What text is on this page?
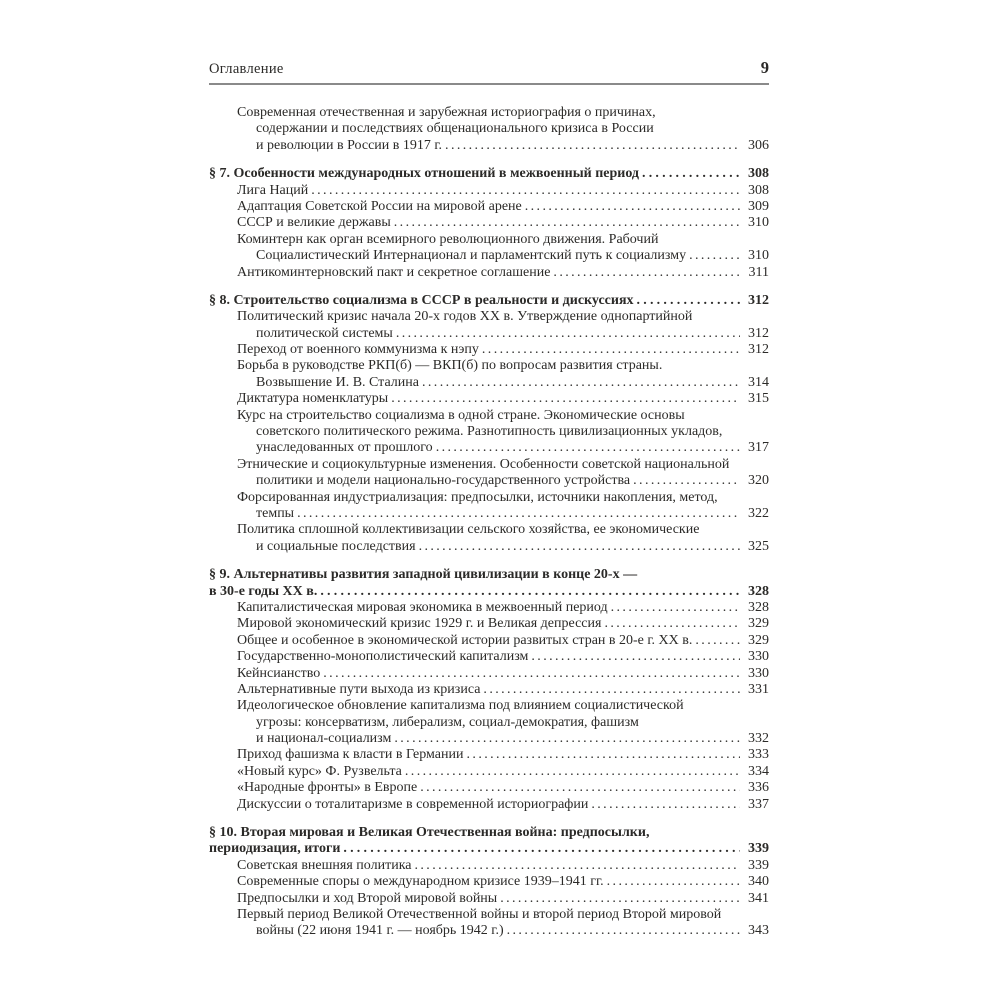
Оглавление	9
Современная отечественная и зарубежная историография о причинах,
содержании и последствиях общенационального кризиса в России
и революции в России в 1917 г. .....	306
§ 7. Особенности международных отношений в межвоенный период .....	308
Лига Наций .....	308
Адаптация Советской России на мировой арене .....	309
СССР и великие державы .....	310
Коминтерн как орган всемирного революционного движения. Рабочий
Социалистический Интернационал и парламентский путь к социализму .....	310
Антикоминтерновский пакт и секретное соглашение .....	311
§ 8. Строительство социализма в СССР в реальности и дискуссиях .....	312
Политический кризис начала 20-х годов XX в. Утверждение однопартийной
политической системы .....	312
Переход от военного коммунизма к нэпу .....	312
Борьба в руководстве РКП(б) — ВКП(б) по вопросам развития страны.
Возвышение И. В. Сталина .....	314
Диктатура номенклатуры .....	315
Курс на строительство социализма в одной стране. Экономические основы
советского политического режима. Разнотипность цивилизационных укладов,
унаследованных от прошлого .....	317
Этнические и социокультурные изменения. Особенности советской национальной
политики и модели национально-государственного устройства .....	320
Форсированная индустриализация: предпосылки, источники накопления, метод,
темпы .....	322
Политика сплошной коллективизации сельского хозяйства, ее экономические
и социальные последствия .....	325
§ 9. Альтернативы развития западной цивилизации в конце 20-х —
в 30-е годы XX в. .....	328
Капиталистическая мировая экономика в межвоенный период .....	328
Мировой экономический кризис 1929 г. и Великая депрессия .....	329
Общее и особенное в экономической истории развитых стран в 20-е г. XX в. .....	329
Государственно-монополистический капитализм .....	330
Кейнсианство .....	330
Альтернативные пути выхода из кризиса .....	331
Идеологическое обновление капитализма под влиянием социалистической
угрозы: консерватизм, либерализм, социал-демократия, фашизм
и национал-социализм .....	332
Приход фашизма к власти в Германии .....	333
«Новый курс» Ф. Рузвельта .....	334
«Народные фронты» в Европе .....	336
Дискуссии о тоталитаризме в современной историографии .....	337
§ 10. Вторая мировая и Великая Отечественная война: предпосылки,
периодизация, итоги .....	339
Советская внешняя политика .....	339
Современные споры о международном кризисе 1939–1941 гг. .....	340
Предпосылки и ход Второй мировой войны .....	341
Первый период Великой Отечественной войны и второй период Второй мировой
войны (22 июня 1941 г. — ноябрь 1942 г.) .....	343
